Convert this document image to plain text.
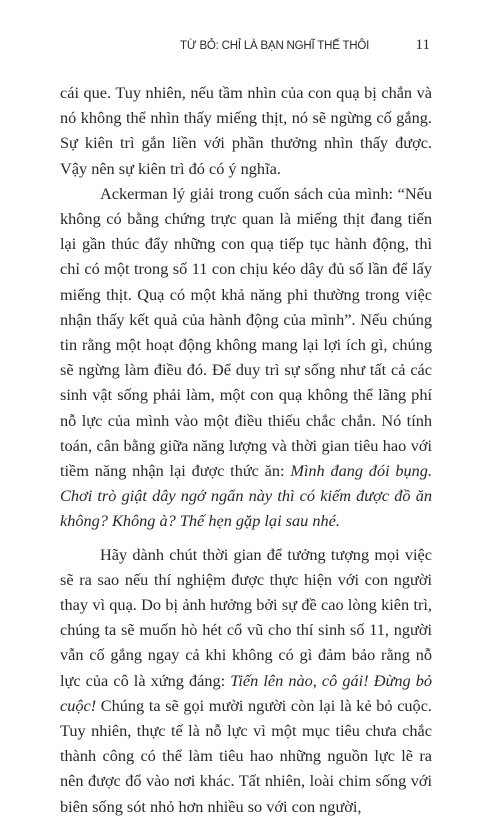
TỪ BỎ: CHỈ LÀ BẠN NGHĨ THẾ THÔI	11

cái que. Tuy nhiên, nếu tầm nhìn của con quạ bị chắn và nó không thể nhìn thấy miếng thịt, nó sẽ ngừng cố gắng. Sự kiên trì gắn liền với phần thưởng nhìn thấy được. Vậy nên sự kiên trì đó có ý nghĩa.

Ackerman lý giải trong cuốn sách của mình: “Nếu không có bằng chứng trực quan là miếng thịt đang tiến lại gần thúc đẩy những con quạ tiếp tục hành động, thì chỉ có một trong số 11 con chịu kéo dây đủ số lần để lấy miếng thịt. Quạ có một khả năng phi thường trong việc nhận thấy kết quả của hành động của mình”. Nếu chúng tin rằng một hoạt động không mang lại lợi ích gì, chúng sẽ ngừng làm điều đó. Để duy trì sự sống như tất cả các sinh vật sống phải làm, một con quạ không thể lãng phí nỗ lực của mình vào một điều thiếu chắc chắn. Nó tính toán, cân bằng giữa năng lượng và thời gian tiêu hao với tiềm năng nhận lại được thức ăn: Mình đang đói bụng. Chơi trò giật dây ngớ ngẩn này thì có kiếm được đồ ăn không? Không à? Thế hẹn gặp lại sau nhé.

Hãy dành chút thời gian để tưởng tượng mọi việc sẽ ra sao nếu thí nghiệm được thực hiện với con người thay vì quạ. Do bị ảnh hưởng bởi sự đề cao lòng kiên trì, chúng ta sẽ muốn hò hét cổ vũ cho thí sinh số 11, người vẫn cố gắng ngay cả khi không có gì đảm bảo rằng nỗ lực của cô là xứng đáng: Tiến lên nào, cô gái! Đừng bỏ cuộc! Chúng ta sẽ gọi mười người còn lại là kẻ bỏ cuộc. Tuy nhiên, thực tế là nỗ lực vì một mục tiêu chưa chắc thành công có thể làm tiêu hao những nguồn lực lẽ ra nên được đổ vào nơi khác. Tất nhiên, loài chim sống với biên sống sót nhỏ hơn nhiều so với con người,
